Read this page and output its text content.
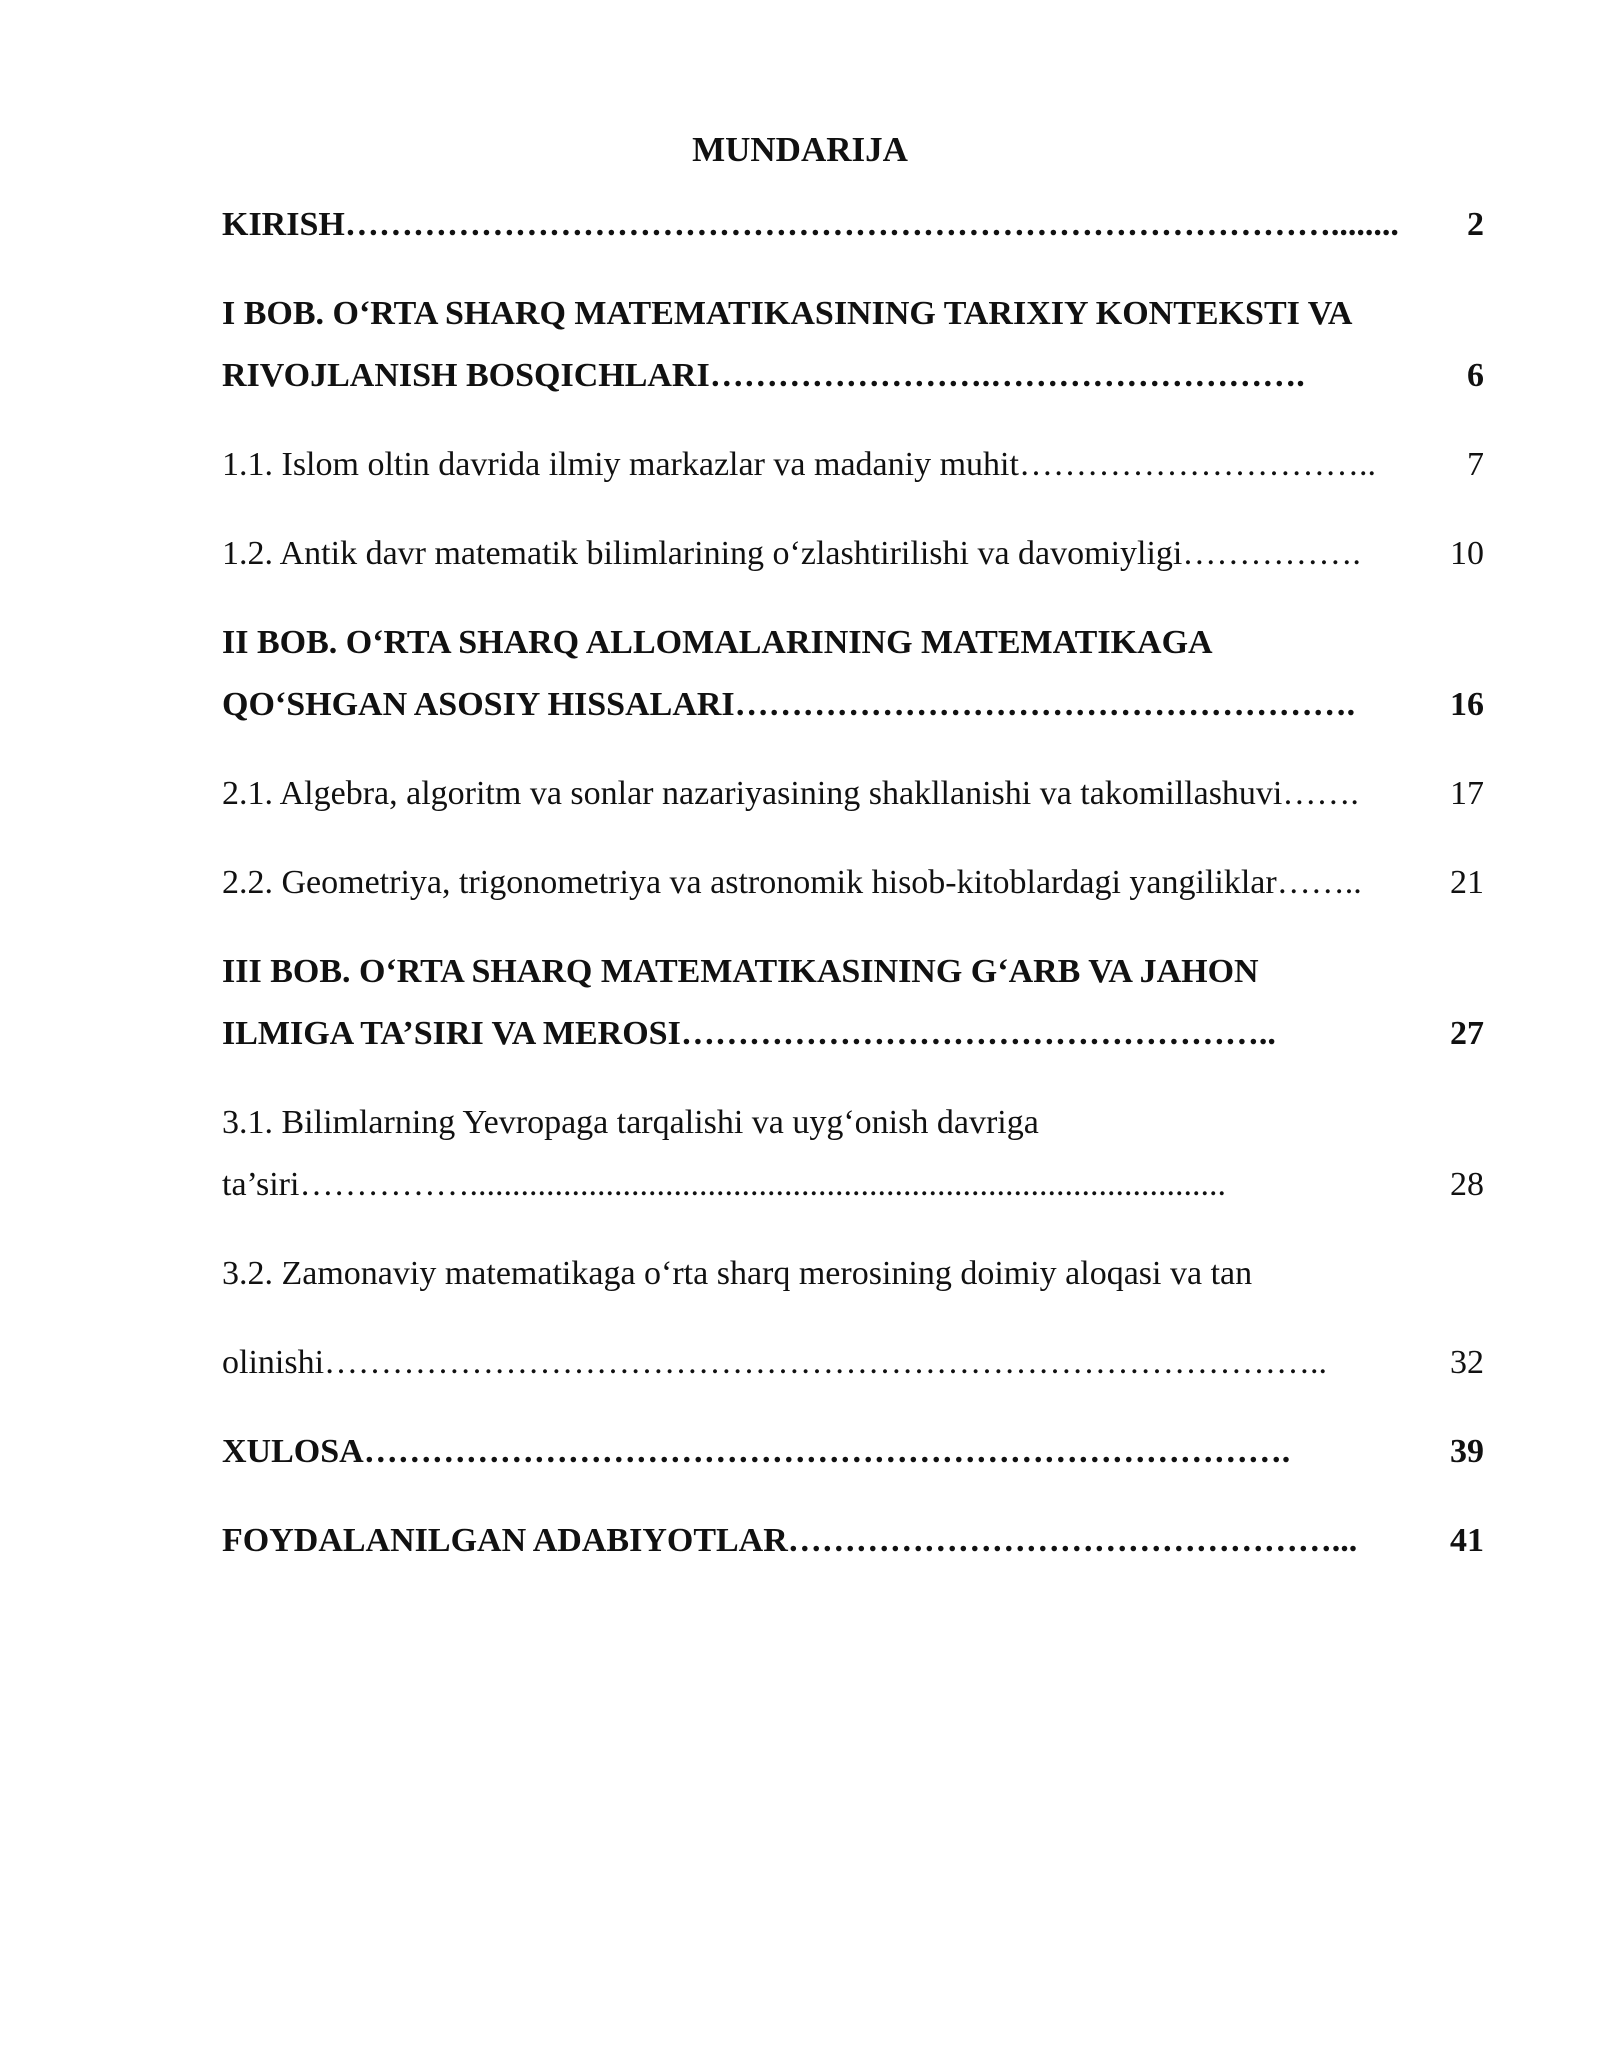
MUNDARIJA
KIRISH ……………………………………………………………………………........	2
I BOB. O‘RTA SHARQ MATEMATIKASINING TARIXIY KONTEKSTI VA
RIVOJLANISH BOSQICHLARI …………………….……………………….	6
1.1. Islom oltin davrida ilmiy markazlar va madaniy muhit …………………………..	7
1.2. Antik davr matematik bilimlarining o‘zlashtirilishi va davomiyligi …………….	10
II BOB. O‘RTA SHARQ ALLOMALARINING MATEMATIKAGA
QO‘SHGAN ASOSIY HISSALARI ……………………………………………….	16
2.1. Algebra, algoritm va sonlar nazariyasining shakllanishi va takomillashuvi …….	17
2.2. Geometriya, trigonometriya va astronomik hisob-kitoblardagi yangiliklar ……..	21
III BOB. O‘RTA SHARQ MATEMATIKASINING G‘ARB VA JAHON
ILMIGA TA’SIRI VA MEROSI ……………………………………………..	27
3.1. Bilimlarning Yevropaga tarqalishi va uyg‘onish davriga
ta’siri …………….........................................................................................	28
3.2. Zamonaviy matematikaga o‘rta sharq merosining doimiy aloqasi va tan
olinishi ……………………………………………………………………………..	32
XULOSA ……………………………………………………………………….	39
FOYDALANILGAN ADABIYOTLAR …………………………………………...	41
